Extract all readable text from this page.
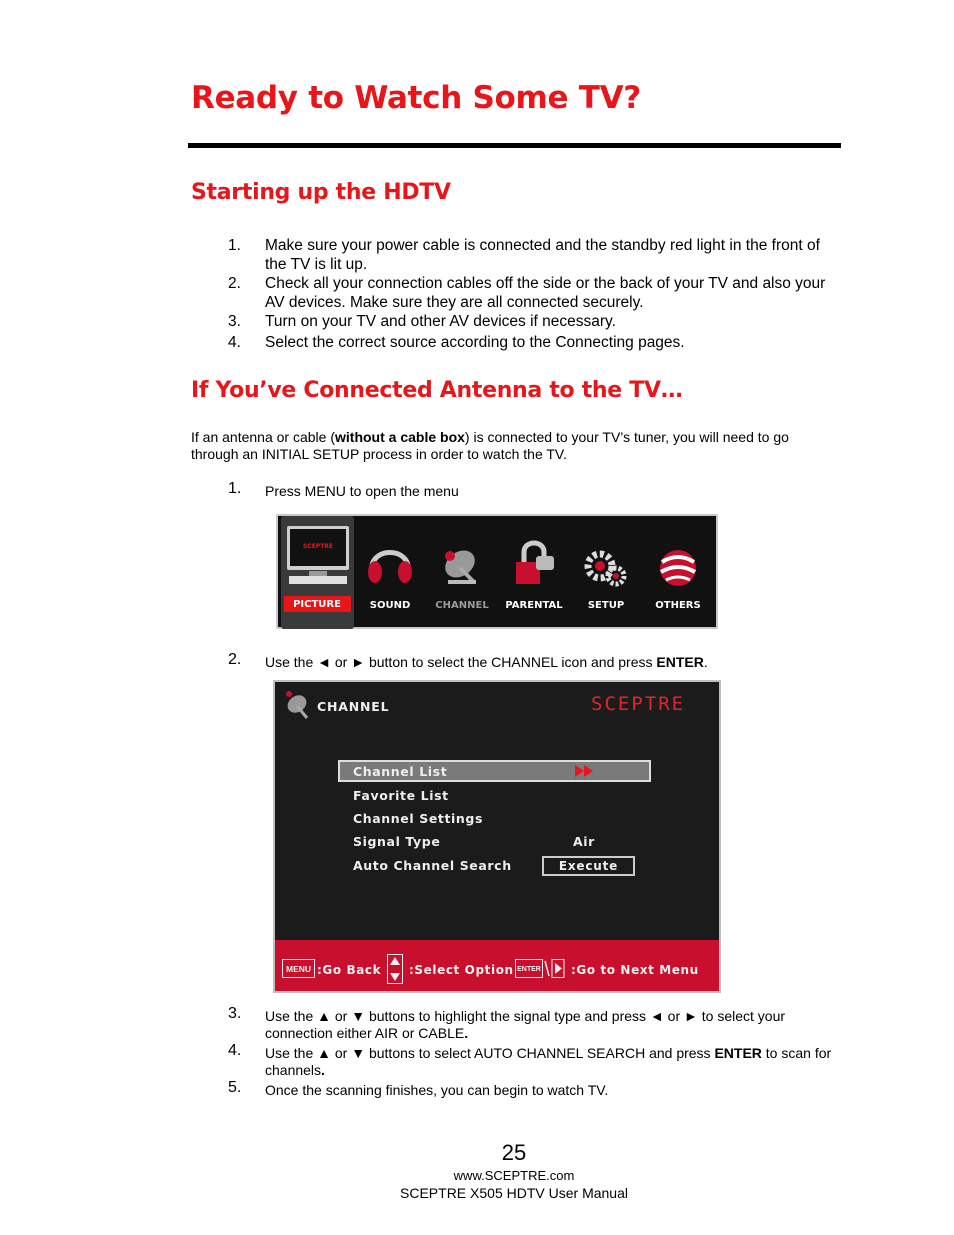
Ready to Watch Some TV?
Starting up the HDTV
1.	Make sure your power cable is connected and the standby red light in the front of the TV is lit up.
2.	Check all your connection cables off the side or the back of your TV and also your AV devices. Make sure they are all connected securely.
3.	Turn on your TV and other AV devices if necessary.
4.	Select the correct source according to the Connecting pages.
If You’ve Connected Antenna to the TV…
If an antenna or cable (without a cable box) is connected to your TV’s tuner, you will need to go through an INITIAL SETUP process in order to watch the TV.
1.	Press MENU to open the menu
SCEPTRE
PICTURE	SOUND	CHANNEL	PARENTAL	SETUP	OTHERS
2.	Use the ◄ or ► button to select the CHANNEL icon and press ENTER.
CHANNEL	SCEPTRE
Channel List
Favorite List
Channel Settings
Signal Type	Air
Auto Channel Search	Execute
MENU :Go Back :Select Option ENTER	:Go to Next Menu
3.	Use the ▲ or ▼ buttons to highlight the signal type and press ◄ or ► to select your connection either AIR or CABLE.
4.	Use the ▲ or ▼ buttons to select AUTO CHANNEL SEARCH and press ENTER to scan for channels.
5.	Once the scanning finishes, you can begin to watch TV.
25
www.SCEPTRE.com
SCEPTRE X505 HDTV User Manual
